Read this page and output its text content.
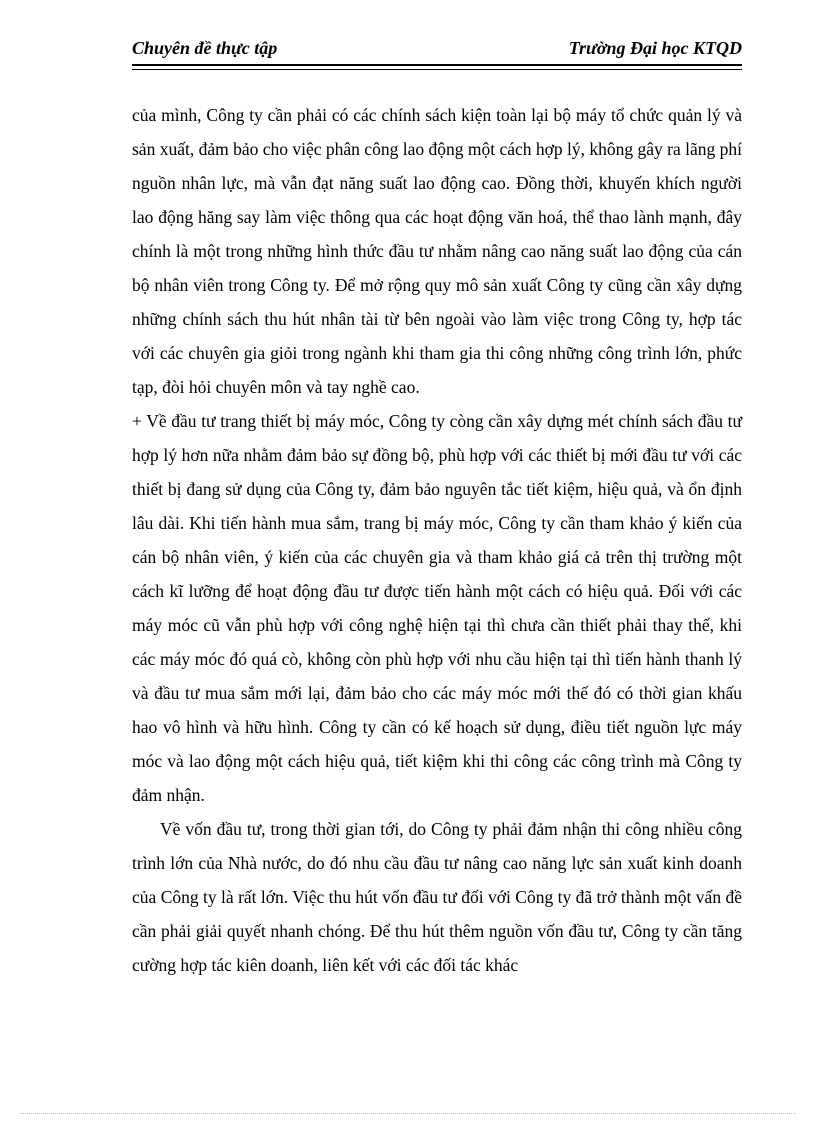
Chuyên đề thực tập	Trường Đại học KTQD

của mình, Công ty cần phải có các chính sách kiện toàn lại bộ máy tổ chức quản lý và sản xuất, đảm bảo cho việc phân công lao động một cách hợp lý, không gây ra lãng phí nguồn nhân lực, mà vẫn đạt năng suất lao động cao. Đồng thời, khuyến khích người lao động hăng say làm việc thông qua các hoạt động văn hoá, thể thao lành mạnh, đây chính là một trong những hình thức đầu tư nhằm nâng cao năng suất lao động của cán bộ nhân viên trong Công ty. Để mở rộng quy mô sản xuất Công ty cũng cần xây dựng những chính sách thu hút nhân tài từ bên ngoài vào làm việc trong Công ty, hợp tác với các chuyên gia giỏi trong ngành khi tham gia thi công những công trình lớn, phức tạp, đòi hỏi chuyên môn và tay nghề cao.

+ Về đầu tư trang thiết bị máy móc, Công ty còng cần xây dựng mét chính sách đầu tư hợp lý hơn nữa nhằm đảm bảo sự đồng bộ, phù hợp với các thiết bị mới đầu tư với các thiết bị đang sử dụng của Công ty, đảm bảo nguyên tắc tiết kiệm, hiệu quả, và ổn định lâu dài. Khi tiến hành mua sắm, trang bị máy móc, Công ty cần tham khảo ý kiến của cán bộ nhân viên, ý kiến của các chuyên gia và tham khảo giá cả trên thị trường một cách kĩ lưỡng để hoạt động đầu tư được tiến hành một cách có hiệu quả. Đối với các máy móc cũ vẫn phù hợp với công nghệ hiện tại thì chưa cần thiết phải thay thế, khi các máy móc đó quá cò, không còn phù hợp với nhu cầu hiện tại thì tiến hành thanh lý và đầu tư mua sắm mới lại, đảm bảo cho các máy móc mới thế đó có thời gian khấu hao vô hình và hữu hình. Công ty cần có kế hoạch sử dụng, điều tiết nguồn lực máy móc và lao động một cách hiệu quả, tiết kiệm khi thi công các công trình mà Công ty đảm nhận.

Về vốn đầu tư, trong thời gian tới, do Công ty phải đảm nhận thi công nhiều công trình lớn của Nhà nước, do đó nhu cầu đầu tư nâng cao năng lực sản xuất kinh doanh của Công ty là rất lớn. Việc thu hút vốn đầu tư đối với Công ty đã trở thành một vấn đề cần phải giải quyết nhanh chóng. Để thu hút thêm nguồn vốn đầu tư, Công ty cần tăng cường hợp tác kiên doanh, liên kết với các đối tác khác
